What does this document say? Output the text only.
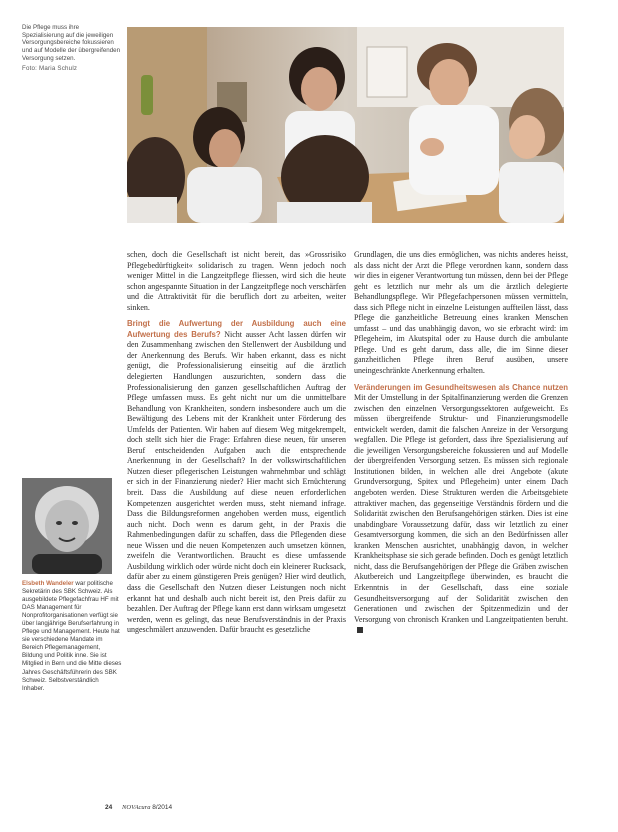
Die Pflege muss ihre Spezialisierung auf die jeweiligen Versorgungsbereiche fokussieren und auf Modelle der übergreifenden Versorgung setzen.
Foto: Maria Schulz

schen, doch die Gesellschaft ist nicht bereit, das »Grossrisiko Pflegebedürftigkeit« solidarisch zu tragen. Wenn jedoch noch weniger Mittel in die Langzeitpflege fliessen, wird sich die heute schon angespannte Situation in der Langzeitpflege noch verschärfen und die Attraktivität für die beruflich dort zu arbeiten, weiter sinken.

Bringt die Aufwertung der Ausbildung auch eine Aufwertung des Berufs? Nicht ausser Acht lassen dürfen wir den Zusammenhang zwischen den Stellenwert der Ausbildung und der Anerkennung des Berufs. Wir haben erkannt, dass es nicht genügt, die Professionalisierung einseitig auf die ärztlich delegierten Handlungen auszurichten, sondern dass die Professionalisierung den ganzen gesellschaftlichen Auftrag der Pflege umfassen muss. Es geht nicht nur um die unmittelbare Behandlung von Krankheiten, sondern insbesondere auch um die Bewältigung des Lebens mit der Krankheit unter Förderung des Umfelds der Patienten. Wir haben auf diesem Weg mitgekrempelt, doch stellt sich hier die Frage: Erfahren diese neuen, für unseren Beruf entscheidenden Aufgaben auch die entsprechende Anerkennung in der Gesellschaft? In der volkswirtschaftlichen Nutzen dieser pflegerischen Leistungen wahrnehmbar und schlägt er sich in der Finanzierung nieder? Hier macht sich Ernüchterung breit. Dass die Ausbildung auf diese neuen erforderlichen Kompetenzen ausgerichtet werden muss, steht niemand infrage. Dass die Bildungsreformen angehoben werden muss, eigentlich auch nicht. Doch wenn es darum geht, in der Praxis die Rahmenbedingungen dafür zu schaffen, dass die Pflegenden diese neue Wissen und die neuen Kompetenzen auch umsetzen können, zweifeln die Verantwortlichen. Braucht es diese umfassende Ausbildung wirklich oder würde nicht doch ein kleinerer Rucksack, dafür aber zu einem günstigeren Preis genügen? Hier wird deutlich, dass die Gesellschaft den Nutzen dieser Leistungen noch nicht erkannt hat und deshalb auch nicht bereit ist, den Preis dafür zu bezahlen. Der Auftrag der Pflege kann erst dann wirksam umgesetzt werden, wenn es gelingt, das neue Berufsverständnis in der Praxis ungeschmälert anzuwenden. Dafür braucht es gesetzliche

Grundlagen, die uns dies ermöglichen, was nichts anderes heisst, als dass nicht der Arzt die Pflege verordnen kann, sondern dass wir dies in eigener Verantwortung tun müssen, denn bei der Pflege geht es letztlich nur mehr als um die ärztlich delegierte Behandlungspflege. Wir Pflegefachpersonen müssen vermitteln, dass sich Pflege nicht in einzelne Leistungen auffteilen lässt, dass Pflege die ganzheitliche Betreuung eines kranken Menschen umfasst – und das unabhängig davon, wo sie erbracht wird: im Pflegeheim, im Akutspital oder zu Hause durch die ambulante Pflege. Und es geht darum, dass alle, die im Sinne dieser ganzheitlichen Pflege ihren Beruf ausüben, unsere uneingeschränkte Anerkennung erhalten.

Veränderungen im Gesundheitswesen als Chance nutzen Mit der Umstellung in der Spitalfinanzierung werden die Grenzen zwischen den einzelnen Versorgungssektoren aufgeweicht. Es müssen übergreifende Struktur- und Finanzierungsmodelle entwickelt werden, damit die falschen Anreize in der Versorgung wegfallen. Die Pflege ist gefordert, dass ihre Spezialisierung auf die jeweiligen Versorgungsbereiche fokussieren und auf Modelle der übergreifenden Versorgung setzen. Es müssen sich regionale Institutionen bilden, in welchen alle drei Angebote (akute Grundversorgung, Spitex und Pflegeheim) unter einem Dach angeboten werden. Diese Strukturen werden die Arbeitsgebiete attraktiver machen, das gegenseitige Verständnis fördern und die Solidarität zwischen den Berufsangehörigen stärken. Dies ist eine unabdingbare Voraussetzung dafür, dass wir letztlich zu einer Gesamtversorgung kommen, die sich an den Bedürfnissen aller kranken Menschen ausrichtet, unabhängig davon, in welcher Krankheitsphase sie sich gerade befinden. Doch es genügt letztlich nicht, dass die Berufsangehörigen der Pflege die Gräben zwischen Akutbereich und Langzeitpflege überwinden, es braucht die Erkenntnis in der Gesellschaft, dass eine soziale Gesundheitsversorgung auf der Solidarität zwischen den Generationen und zwischen der Spitzenmedizin und der Versorgung von chronisch Kranken und Langzeitpatienten beruht.

Elsbeth Wandeler war politische Sekretärin des SBK Schweiz. Als ausgebildete Pflegefachfrau HF mit DAS Management für Nonprofitorganisationen verfügt sie über langjährige Berufserfahrung in Pflege und Management. Heute hat sie verschiedene Mandate im Bereich Pflegemanagement, Bildung und Politik inne. Sie ist Mitglied in Bern und die Mitte dieses Jahres Geschäftsführerin des SBK Schweiz. Selbstverständlich Inhaber.
24 NOVAcura 8/2014
